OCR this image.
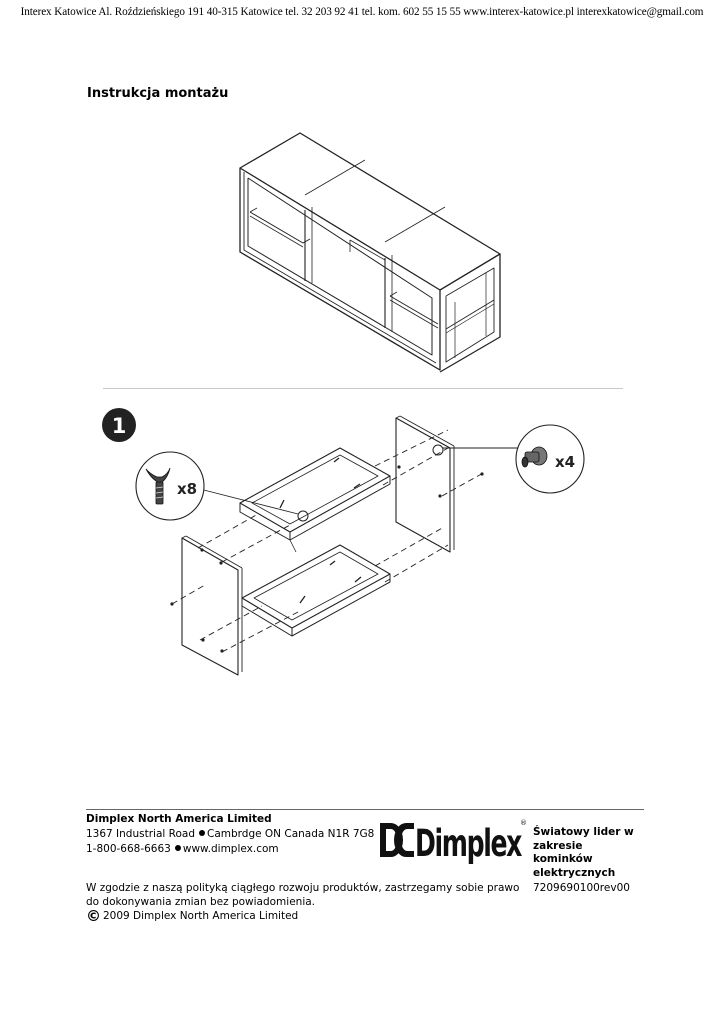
Interex Katowice Al. Roździeńskiego 191 40-315 Katowice tel. 32 203 92 41 tel. kom. 602 55 15 55 www.interex-katowice.pl interexkatowice@gmail.com
Instrukcja montażu
1
x8
x4
Dimplex North America Limited
1367 Industrial Road Cambrdge ON Canada N1R 7G8
1-800-668-6663 www.dimplex.com	Dimplex
®
Światowy lider w zakresie kominków elektrycznych
W zgodzie z naszą polityką ciągłego rozwoju produktów, zastrzegamy sobie prawo do dokonywania zmian bez powiadomienia.
© 2009 Dimplex North America Limited
7209690100rev00
